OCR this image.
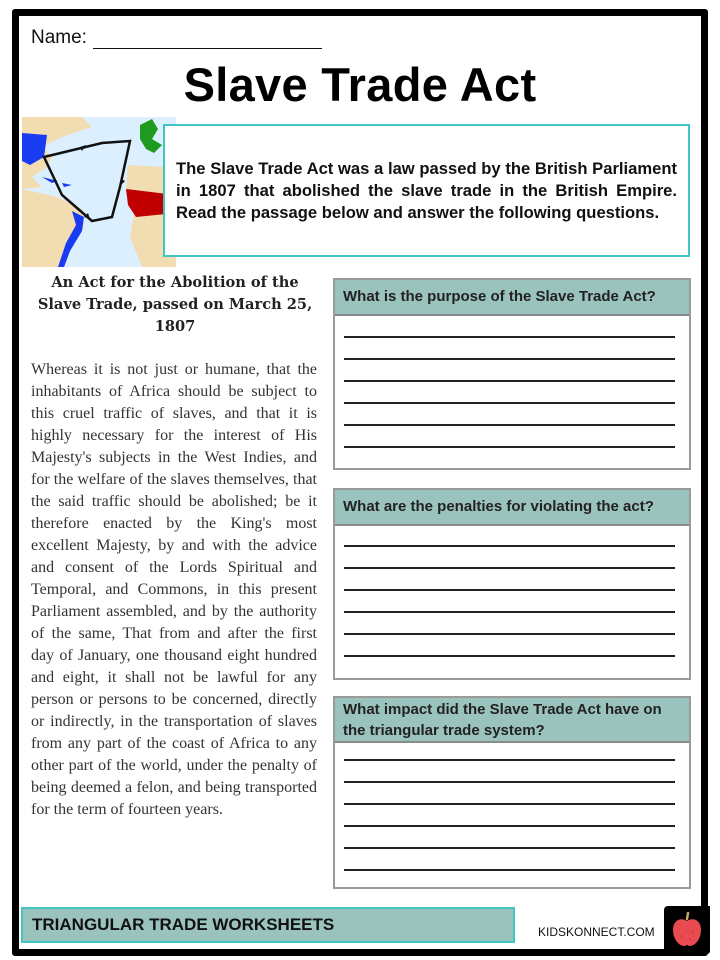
Name:
Slave Trade Act
The Slave Trade Act was a law passed by the British Parliament in 1807 that abolished the slave trade in the British Empire. Read the passage below and answer the following questions.
An Act for the Abolition of the Slave Trade, passed on March 25, 1807
Whereas it is not just or humane, that the inhabitants of Africa should be subject to this cruel traffic of slaves, and that it is highly necessary for the interest of His Majesty's subjects in the West Indies, and for the welfare of the slaves themselves, that the said traffic should be abolished; be it therefore enacted by the King's most excellent Majesty, by and with the advice and consent of the Lords Spiritual and Temporal, and Commons, in this present Parliament assembled, and by the authority of the same, That from and after the first day of January, one thousand eight hundred and eight, it shall not be lawful for any person or persons to be concerned, directly or indirectly, in the transportation of slaves from any part of the coast of Africa to any other part of the world, under the penalty of being deemed a felon, and being transported for the term of fourteen years.
What is the purpose of the Slave Trade Act?
What are the penalties for violating the act?
What impact did the Slave Trade Act have on the triangular trade system?
TRIANGULAR TRADE WORKSHEETS	KIDSKONNECT.COM
